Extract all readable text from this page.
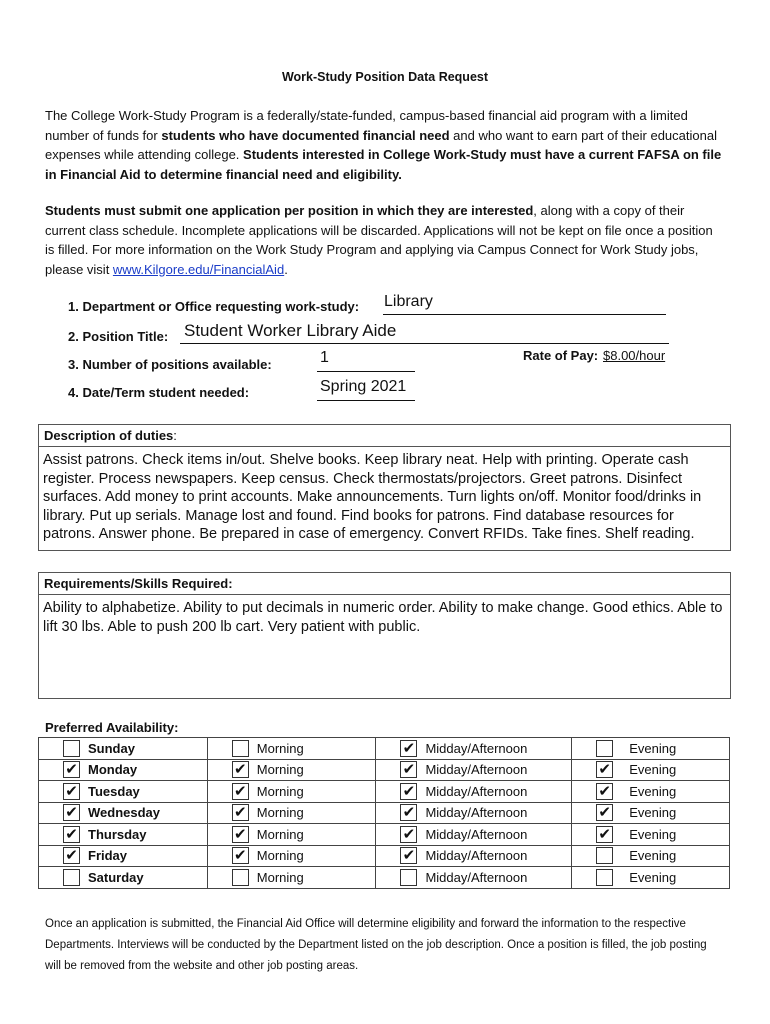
Work-Study Position Data Request
The College Work-Study Program is a federally/state-funded, campus-based financial aid program with a limited number of funds for students who have documented financial need and who want to earn part of their educational expenses while attending college. Students interested in College Work-Study must have a current FAFSA on file in Financial Aid to determine financial need and eligibility.
Students must submit one application per position in which they are interested, along with a copy of their current class schedule. Incomplete applications will be discarded. Applications will not be kept on file once a position is filled. For more information on the Work Study Program and applying via Campus Connect for Work Study jobs, please visit www.Kilgore.edu/FinancialAid.
1. Department or Office requesting work-study: Library
2. Position Title: Student Worker Library Aide
3. Number of positions available:	1	Rate of Pay: $8.00/hour
4. Date/Term student needed:	Spring 2021
Description of duties:
Assist patrons. Check items in/out. Shelve books. Keep library neat. Help with printing. Operate cash register. Process newspapers. Keep census. Check thermostats/projectors. Greet patrons. Disinfect surfaces. Add money to print accounts. Make announcements. Turn lights on/off. Monitor food/drinks in library. Put up serials. Manage lost and found. Find books for patrons. Find database resources for patrons. Answer phone. Be prepared in case of emergency. Convert RFIDs. Take fines. Shelf reading.
Requirements/Skills Required:
Ability to alphabetize. Ability to put decimals in numeric order. Ability to make change. Good ethics. Able to lift 30 lbs. Able to push 200 lb cart. Very patient with public.
Preferred Availability:
Sunday	Morning	✔ Midday/Afternoon	Evening

✔ Monday	✔ Morning	✔ Midday/Afternoon	✔ Evening

✔ Tuesday	✔ Morning	✔ Midday/Afternoon	✔ Evening

✔ Wednesday	✔ Morning	✔ Midday/Afternoon	✔ Evening

✔ Thursday	✔ Morning	✔ Midday/Afternoon	✔ Evening

✔ Friday	✔ Morning	✔ Midday/Afternoon	Evening

Saturday	Morning	Midday/Afternoon	Evening
Once an application is submitted, the Financial Aid Office will determine eligibility and forward the information to the respective Departments. Interviews will be conducted by the Department listed on the job description. Once a position is filled, the job posting will be removed from the website and other job posting areas.
